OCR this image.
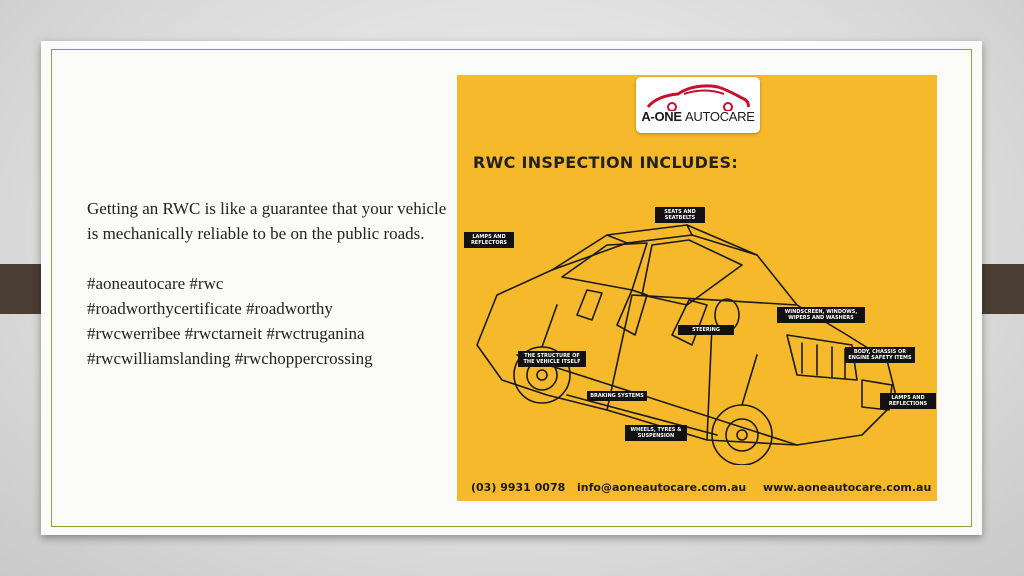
Getting an RWC is like a guarantee that your vehicle is mechanically reliable to be on the public roads.

#aoneautocare #rwc

#roadworthycertificate #roadworthy

#rwcwerribee #rwctarneit #rwctruganina

#rwcwilliamslanding #rwchoppercrossing

A-ONE AUTOCARE
RWC INSPECTION INCLUDES:
SEATS AND SEATBELTS
LAMPS AND REFLECTORS
WINDSCREEN, WINDOWS, WIPERS AND WASHERS
STEERING
BODY, CHASSIS OR ENGINE SAFETY ITEMS
THE STRUCTURE OF THE VEHICLE ITSELF
BRAKING SYSTEMS	LAMPS AND REFLECTIONS
WHEELS, TYRES & SUSPENSION
(03) 9931 0078 info@aoneautocare.com.au www.aoneautocare.com.au
